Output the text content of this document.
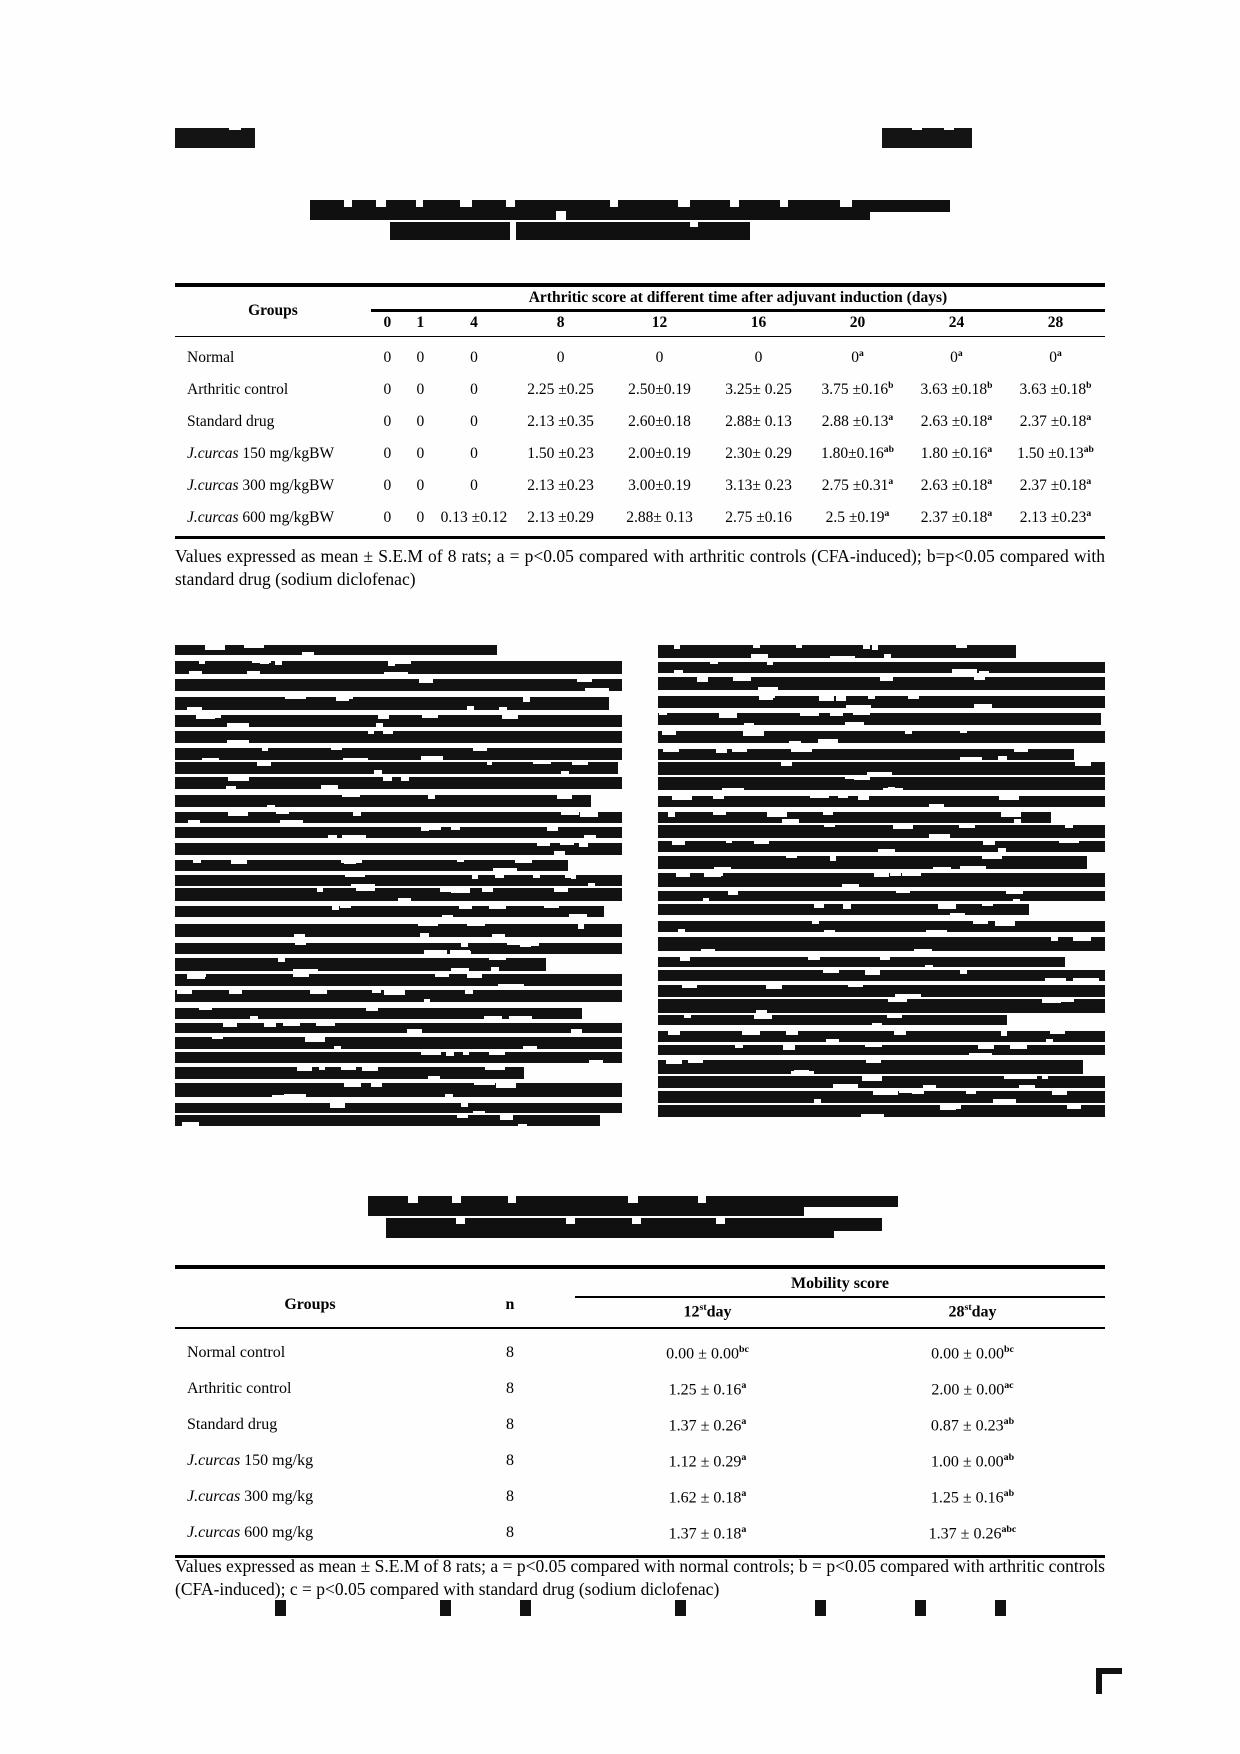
Groups	Arthritic score at different time after adjuvant induction (days)								
	0	1	4	8	12	16	20	24	28

Normal	0	0	0	0	0	0	0$^a$	0$^a$	0$^a$
Arthritic control	0	0	0	2.25 ±0.25	2.50±0.19	3.25± 0.25	3.75 ±0.16$^b$	3.63 ±0.18$^b$	3.63 ±0.18$^b$
Standard drug	0	0	0	2.13 ±0.35	2.60±0.18	2.88± 0.13	2.88 ±0.13$^a$	2.63 ±0.18$^a$	2.37 ±0.18$^a$
J.curcas 150 mg/kgBW	0	0	0	1.50 ±0.23	2.00±0.19	2.30± 0.29	1.80±0.16$^{ab}$	1.80 ±0.16$^a$	1.50 ±0.13$^{ab}$
J.curcas 300 mg/kgBW	0	0	0	2.13 ±0.23	3.00±0.19	3.13± 0.23	2.75 ±0.31$^a$	2.63 ±0.18$^a$	2.37 ±0.18$^a$
J.curcas 600 mg/kgBW	0	0	0.13 ±0.12	2.13 ±0.29	2.88± 0.13	2.75 ±0.16	2.5 ±0.19$^a$	2.37 ±0.18$^a$	2.13 ±0.23$^a$
Values expressed as mean ± S.E.M of 8 rats; a = p<0.05 compared with arthritic controls (CFA-induced); b=p<0.05 compared with standard drug (sodium diclofenac)
Groups	n	Mobility score	
		12stday	28stday

Normal control	8	0.00 ± 0.00$^{bc}$	0.00 ± 0.00$^{bc}$
Arthritic control	8	1.25 ± 0.16$^a$	2.00 ± 0.00$^{ac}$
Standard drug	8	1.37 ± 0.26$^a$	0.87 ± 0.23$^{ab}$
J.curcas 150 mg/kg	8	1.12 ± 0.29$^a$	1.00 ± 0.00$^{ab}$
J.curcas 300 mg/kg	8	1.62 ± 0.18$^a$	1.25 ± 0.16$^{ab}$
J.curcas 600 mg/kg	8	1.37 ± 0.18$^a$	1.37 ± 0.26$^{abc}$
Values expressed as mean ± S.E.M of 8 rats; a = p<0.05 compared with normal controls; b = p<0.05 compared with arthritic controls (CFA-induced); c = p<0.05 compared with standard drug (sodium diclofenac)
